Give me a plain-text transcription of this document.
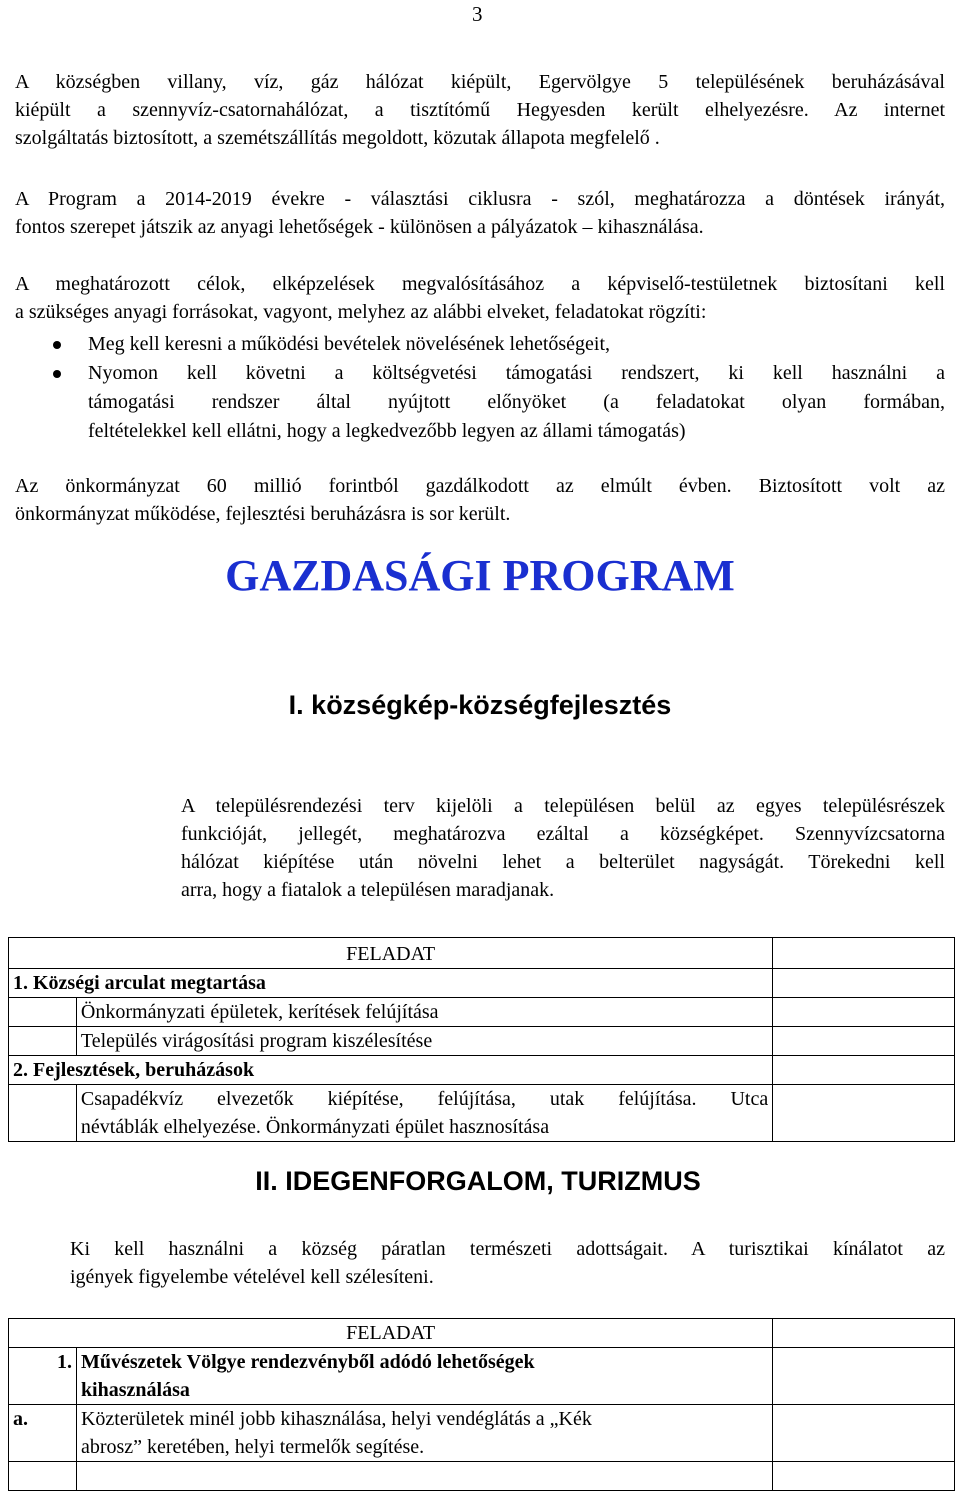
3
A községben villany, víz, gáz hálózat kiépült, Egervölgye 5 településének beruházásával
kiépült a szennyvíz-csatornahálózat, a tisztítómű Hegyesden került elhelyezésre. Az internet
szolgáltatás biztosított, a szemétszállítás megoldott, közutak állapota megfelelő .
A Program a 2014-2019 évekre - választási ciklusra - szól, meghatározza a döntések irányát,
fontos szerepet játszik az anyagi lehetőségek - különösen a pályázatok – kihasználása.
A meghatározott célok, elképzelések megvalósításához a képviselő-testületnek biztosítani kell
a szükséges anyagi forrásokat, vagyont, melyhez az alábbi elveket, feladatokat rögzíti:
Meg kell keresni a működési bevételek növelésének lehetőségeit,
Nyomon kell követni a költségvetési támogatási rendszert, ki kell használni a
támogatási rendszer által nyújtott előnyöket (a feladatokat olyan formában,
feltételekkel kell ellátni, hogy a legkedvezőbb legyen az állami támogatás)
Az önkormányzat 60 millió forintból gazdálkodott az elmúlt évben. Biztosított volt az
önkormányzat működése, fejlesztési beruházásra is sor került.
GAZDASÁGI PROGRAM
I. községkép-községfejlesztés
A településrendezési terv kijelöli a településen belül az egyes településrészek
funkcióját, jellegét, meghatározva ezáltal a községképet. Szennyvízcsatorna
hálózat kiépítése után növelni lehet a belterület nagyságát. Törekedni kell
arra, hogy a fiatalok a településen maradjanak.
FELADAT		
1. Községi arculat megtartása		
	Önkormányzati épületek, kerítések felújítása	
	Település virágosítási program kiszélesítése	
2. Fejlesztések, beruházások		

	Csapadékvíz elvezetők kiépítése, felújítása, utak felújítása. Utca
névtáblák elhelyezése. Önkormányzati épület hasznosítása	

II. IDEGENFORGALOM, TURIZMUS
Ki kell használni a község páratlan természeti adottságait. A turisztikai kínálatot az
igények figyelembe vételével kell szélesíteni.
FELADAT		
1.	Művészetek Völgye rendezvényből adódó lehetőségek
kihasználása	

a.	Közterületek minél jobb kihasználása, helyi vendéglátás a „Kék
abrosz” keretében, helyi termelők segítése.	
